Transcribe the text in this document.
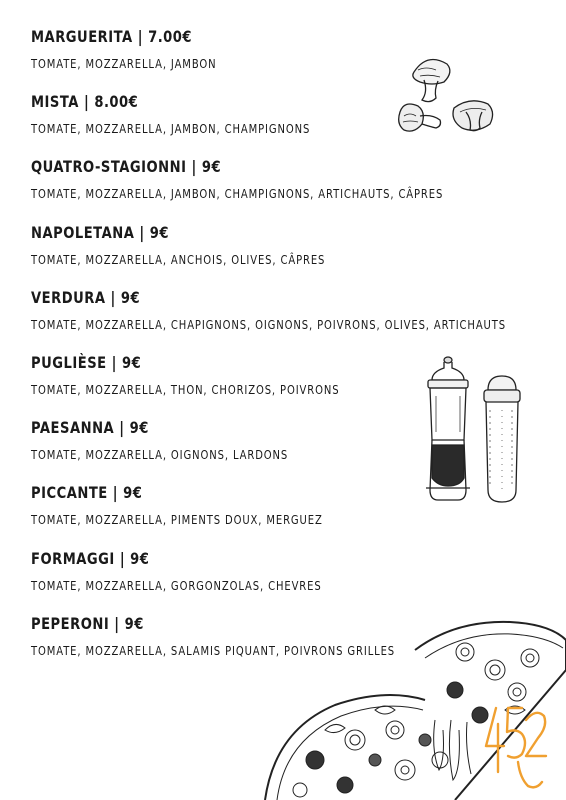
MARGUERITA | 7.00€
TOMATE, MOZZARELLA, JAMBON
MISTA | 8.00€
TOMATE, MOZZARELLA, JAMBON, CHAMPIGNONS
QUATRO-STAGIONNI | 9€
TOMATE, MOZZARELLA, JAMBON, CHAMPIGNONS, ARTICHAUTS, CÂPRES
NAPOLETANA | 9€
TOMATE, MOZZARELLA, ANCHOIS, OLIVES, CÂPRES
VERDURA | 9€
TOMATE, MOZZARELLA, CHAPIGNONS, OIGNONS, POIVRONS, OLIVES, ARTICHAUTS
PUGLIÈSE | 9€
TOMATE, MOZZARELLA, THON, CHORIZOS, POIVRONS
PAESANNA | 9€
TOMATE, MOZZARELLA, OIGNONS, LARDONS
PICCANTE | 9€
TOMATE, MOZZARELLA, PIMENTS DOUX, MERGUEZ
FORMAGGI | 9€
TOMATE, MOZZARELLA, GORGONZOLAS, CHEVRES
PEPERONI | 9€
TOMATE, MOZZARELLA, SALAMIS PIQUANT, POIVRONS GRILLES
